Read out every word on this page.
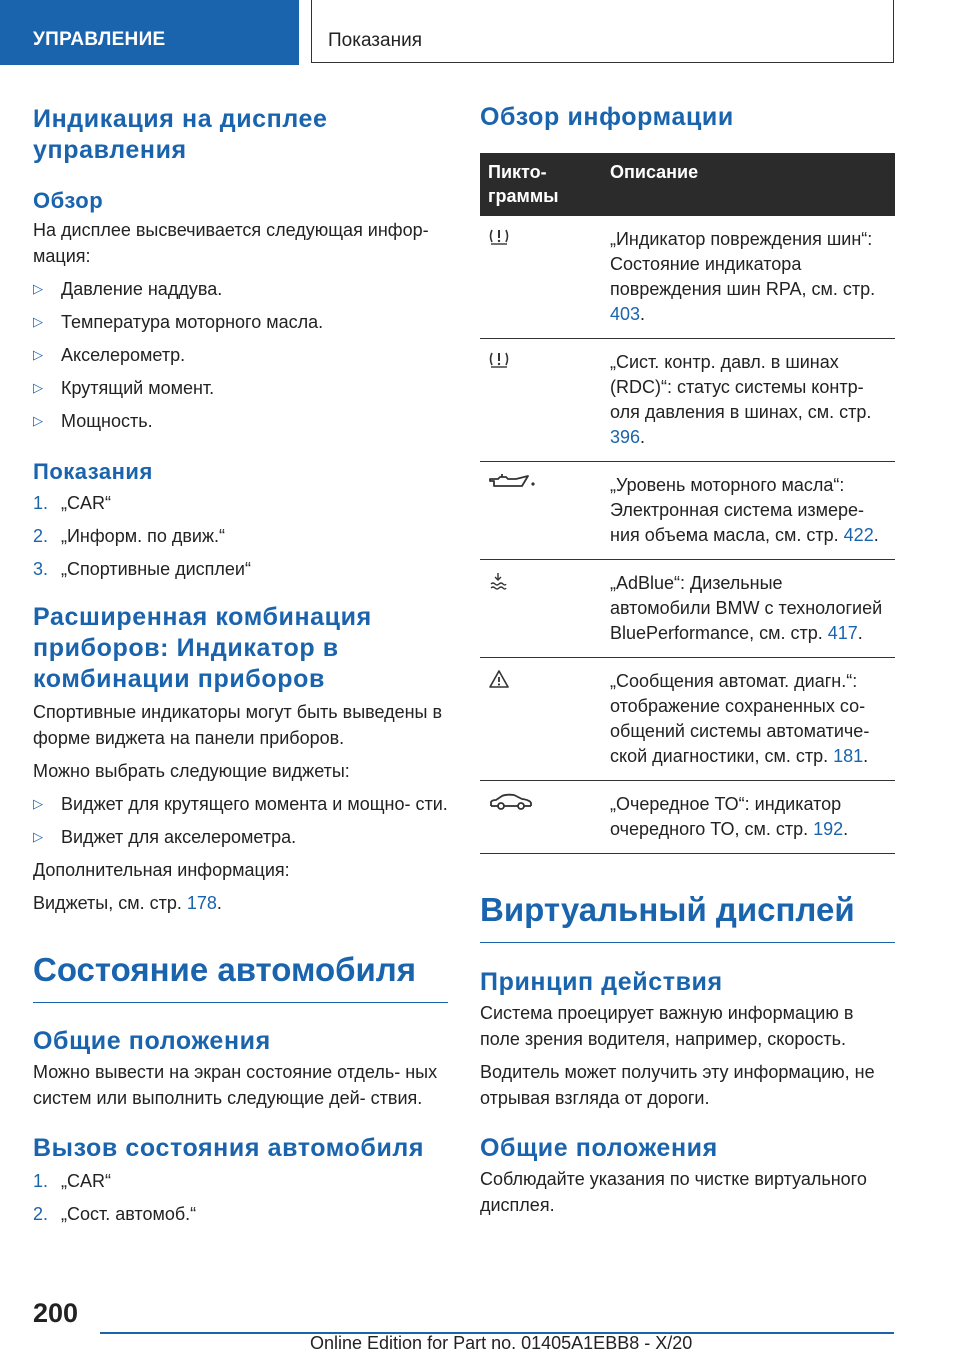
УПРАВЛЕНИЕ	Показания
Индикация на дисплее
управления
Обзор

На дисплее высвечивается следующая инфор- мация:

▷ Давление наддува.
▷ Температура моторного масла.
▷ Акселерометр.
▷ Крутящий момент.
▷ Мощность.
Показания
1. „CAR“
2. „Информ. по движ.“
3. „Спортивные дисплеи“
Расширенная комбинация
приборов: Индикатор в
комбинации приборов

Спортивные индикаторы могут быть выведены в форме виджета на панели приборов.

Можно выбрать следующие виджеты:

▷ Виджет для крутящего момента и мощно- сти.
▷ Виджет для акселерометра.

Дополнительная информация:

Виджеты, см. стр. 178.

Состояние автомобиля
Общие положения

Можно вывести на экран состояние отдель- ных систем или выполнить следующие дей- ствия.

Вызов состояния автомобиля
1. „CAR“
2. „Сост. автомоб.“
Обзор информации
Пикто- граммы	Описание
	„Индикатор повреждения шин“: Состояние индикатора повреждения шин RPA, см. стр. 403.
	„Сист. контр. давл. в шинах (RDC)“: статус системы контр- оля давления в шинах, см. стр. 396.
	„Уровень моторного масла“: Электронная система измере- ния объема масла, см. стр. 422.
	„AdBlue“: Дизельные автомобили BMW с технологией BluePerformance, см. стр. 417.
	„Сообщения автомат. диагн.“: отображение сохраненных со- общений системы автоматиче- ской диагностики, см. стр. 181.
	„Очередное ТО“: индикатор очередного ТО, см. стр. 192.
Виртуальный дисплей
Принцип действия

Система проецирует важную информацию в поле зрения водителя, например, скорость.

Водитель может получить эту информацию, не отрывая взгляда от дороги.

Общие положения

Соблюдайте указания по чистке виртуального дисплея.

200
Online Edition for Part no. 01405A1EBB8 - X/20
